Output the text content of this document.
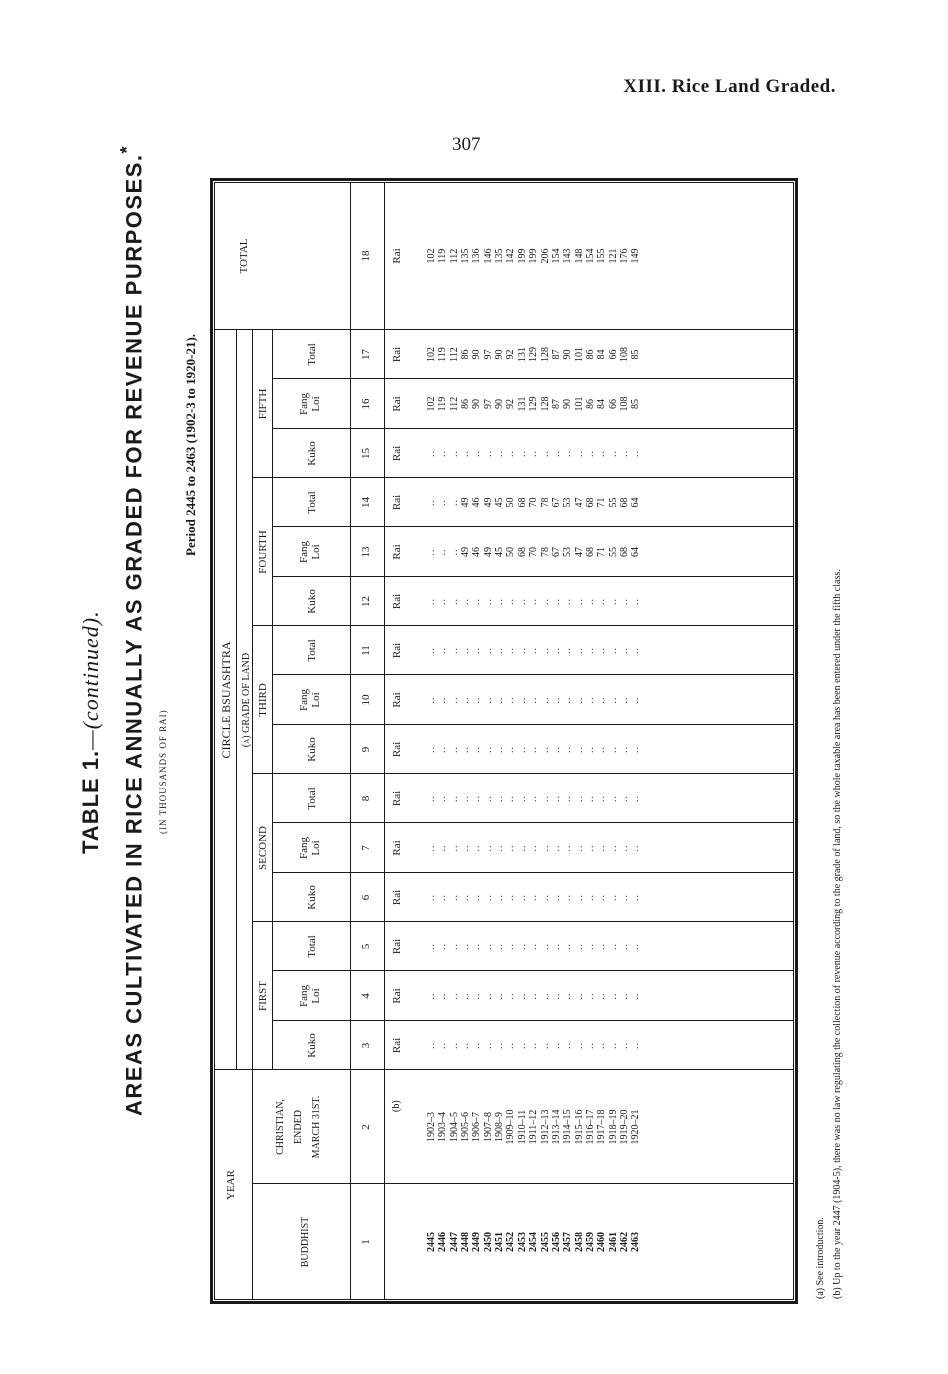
XIII. Rice Land Graded.
307
TABLE 1.—(continued). AREAS CULTIVATED IN RICE ANNUALLY AS GRADED FOR REVENUE PURPOSES.*
(IN THOUSANDS OF RAI)
Period 2445 to 2463 (1902-3 to 1920-21).
YEAR
BUDDHIST
CHRISTIAN, ENDED MARCH 31ST.
CIRCLE BSUASHTRA (a) GRADE OF LAND
TOTAL
FIRST
Kuko
Fang Loi
Total
SECOND
Kuko
Fang Loi
Total
THIRD
Kuko
Fang Loi
Total
FOURTH
Kuko
Fang Loi
Total
FIFTH
Kuko
Fang Loi
Total
1
2
3 Rai
4 Rai
5 Rai
6 Rai
7 Rai
8 Rai
9 Rai
10 Rai
11 Rai
12 Rai
13 Rai
14 Rai
15 Rai
16 Rai
17 Rai
18 Rai
(b)
2445
1902–3
..
..
..
..
..
..
..
..
..
..
..
..
..
102
102
102
2446
1903–4
..
..
..
..
..
..
..
..
..
..
..
..
..
119
119
119
2447
1904–5
..
..
..
..
..
..
..
..
..
..
..
..
..
112
112
112
2448
1905–6
..
..
..
..
..
..
..
..
..
..
49
49
..
86
86
135
2449
1906–7
..
..
..
..
..
..
..
..
..
..
46
46
..
90
90
136
2450
1907–8
..
..
..
..
..
..
..
..
..
..
49
49
..
97
97
146
2451
1908–9
..
..
..
..
..
..
..
..
..
..
45
45
..
90
90
135
2452
1909–10
..
..
..
..
..
..
..
..
..
..
50
50
..
92
92
142
2453
1910–11
..
..
..
..
..
..
..
..
..
..
68
68
..
131
131
199
2454
1911–12
..
..
..
..
..
..
..
..
..
..
70
70
..
129
129
199
2455
1912–13
..
..
..
..
..
..
..
..
..
..
78
78
..
128
128
206
2456
1913–14
..
..
..
..
..
..
..
..
..
..
67
67
..
87
87
154
2457
1914–15
..
..
..
..
..
..
..
..
..
..
53
53
..
90
90
143
2458
1915–16
..
..
..
..
..
..
..
..
..
..
47
47
..
101
101
148
2459
1916–17
..
..
..
..
..
..
..
..
..
..
68
68
..
86
86
154
2460
1917–18
..
..
..
..
..
..
..
..
..
..
71
71
..
84
84
155
2461
1918–19
..
..
..
..
..
..
..
..
..
..
55
55
..
66
66
121
2462
1919–20
..
..
..
..
..
..
..
..
..
..
68
68
..
108
108
176
2463
1920–21
..
..
..
..
..
..
..
..
..
..
64
64
..
85
85
149
(a) See introduction. (b) Up to the year 2447 (1904-5), there was no law regulating the collection of revenue according to the grade of land, so the whole taxable area has been entered under the fifth class.
